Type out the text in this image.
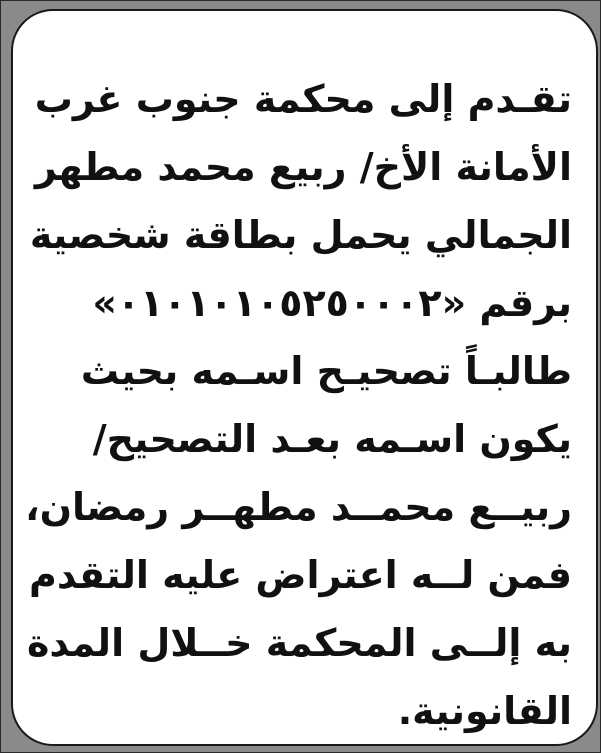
تقـدم إلى محكمة جنوب غرب
الأمانة الأخ/ ربيع محمد مطهر
الجمالي يحمل بطاقة شخصية
برقم «٠١٠١٠١٠٥٢٥٠٠٠٢»
طالبـاً تصحيـح اسـمه بحيث
يكون اسـمه بعـد التصحيح/
ربيــع محمــد مطهــر رمضان،
فمن لــه اعتراض عليه التقدم
به إلــى المحكمة خــلال المدة
القانونية.
